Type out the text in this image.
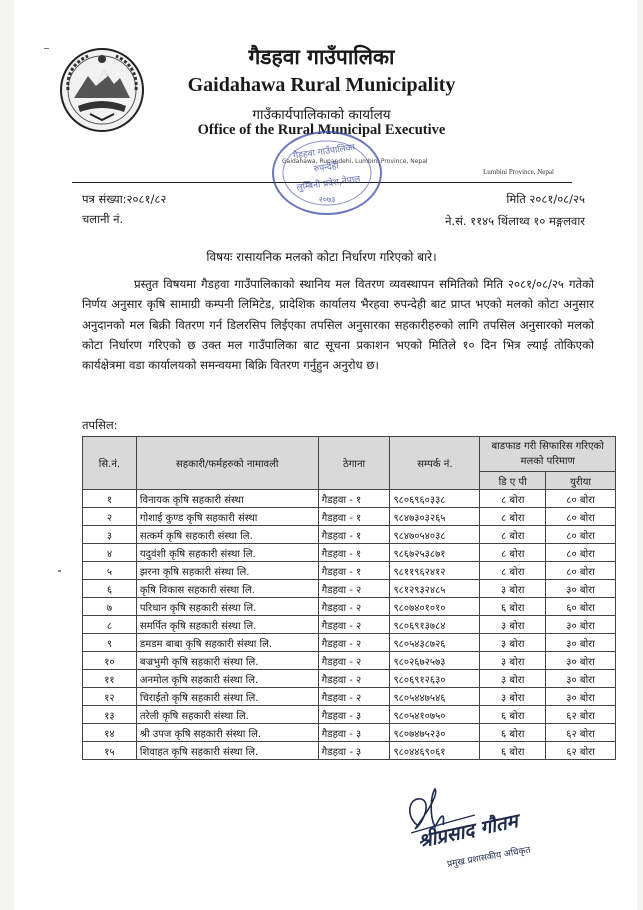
गैडहवा गाउँपालिका
Gaidahawa Rural Municipality
गाउँकार्यपालिकाको कार्यालय
Office of the Rural Municipal Executive
Gaidahawa, Rupandehi, Lumbini Province, Nepal
Lumbini Province, Nepal
गैडहवा गाउँपालिका
रुपन्देही
लुम्बिनी प्रदेश,नेपाल
२०७३
पत्र संख्या:२०८१/८२
चलानी नं.
मिति २०८१/०८/२५
ने.सं. ११४५ थिंलाथ्व १० मङ्गलवार
विषयः रासायनिक मलको कोटा निर्धारण गरिएको बारे।

प्रस्तुत विषयमा गैडहवा गाउँपालिकाको स्थानिय मल वितरण व्यवस्थापन समितिको मिति २०८१/०८/२५ गतेको निर्णय अनुसार कृषि सामाग्री कम्पनी लिमिटेड, प्रादेशिक कार्यालय भैरहवा रुपन्देही बाट प्राप्त भएको मलको कोटा अनुसार अनुदानको मल बिक्री वितरण गर्न डिलरसिप लिईएका तपसिल अनुसारका सहकारीहरुको लागि तपसिल अनुसारको मलको कोटा निर्धारण गरिएको छ उक्त मल गाउँपालिका बाट सूचना प्रकाशन भएको मितिले १० दिन भित्र ल्याई तोकिएको कार्यक्षेत्रमा वडा कार्यालयको समन्वयमा बिक्रि वितरण गर्नुहुन अनुरोध छ।

तपसिल:
सि.नं.	सहकारी/फर्महरुको नामावली	ठेगाना	सम्पर्क नं.	बाडफाड गरी सिफारिस गरिएको मलको परिमाण	
				डि ए पी	युरीया
१	विनायक कृषि सहकारी संस्था	गैडहवा - १	९८०६९६०३३८	८ बोरा	८० बोरा
२	गोशाई कुण्ड कृषि सहकारी संस्था	गैडहवा - १	९८४७३०३२६५	८ बोरा	८० बोरा
३	सत्कर्म कृषि सहकारी संस्था लि.	गैडहवा - १	९८४७०५४०३८	८ बोरा	८० बोरा
४	यदुवंशी कृषि सहकारी संस्था लि.	गैडहवा - १	९८६७२५३८७१	८ बोरा	८० बोरा
५	झरना कृषि सहकारी संस्था लि.	गैडहवा - १	९८११९६२४१२	८ बोरा	८० बोरा
६	कृषि विकास सहकारी संस्था लि.	गैडहवा - २	९८१२९३२४८५	३ बोरा	३० बोरा
७	परिधान कृषि सहकारी संस्था लि.	गैडहवा - २	९८०७४०१०१०	६ बोरा	६० बोरा
८	समर्पित कृषि सहकारी संस्था लि.	गैडहवा - २	९८०६९१३७८४	३ बोरा	३० बोरा
९	डमडम बाबा कृषि सहकारी संस्था लि.	गैडहवा - २	९८०५४३८७२६	३ बोरा	३० बोरा
१०	बज्रभुमी कृषि सहकारी संस्था लि.	गैडहवा - २	९८०२६७२५७३	३ बोरा	३० बोरा
११	अनमोल कृषि सहकारी संस्था लि.	गैडहवा - २	९८०६९१२६३०	३ बोरा	३० बोरा
१२	चिराईतो कृषि सहकारी संस्था लि.	गैडहवा - २	९८०५४४७५४६	३ बोरा	३० बोरा
१३	तरेली कृषि सहकारी संस्था लि.	गैडहवा - ३	९८०५४१०७५०	६ बोरा	६२ बोरा
१४	श्री उपज कृषि सहकारी संस्था लि.	गैडहवा - ३	९८०७४७५२३०	६ बोरा	६२ बोरा
१५	शिवाहत कृषि सहकारी संस्था लि.	गैडहवा - ३	९८०४४६९०६१	६ बोरा	६२ बोरा
श्रीप्रसाद गौतम
प्रमुख प्रशासकीय अधिकृत
